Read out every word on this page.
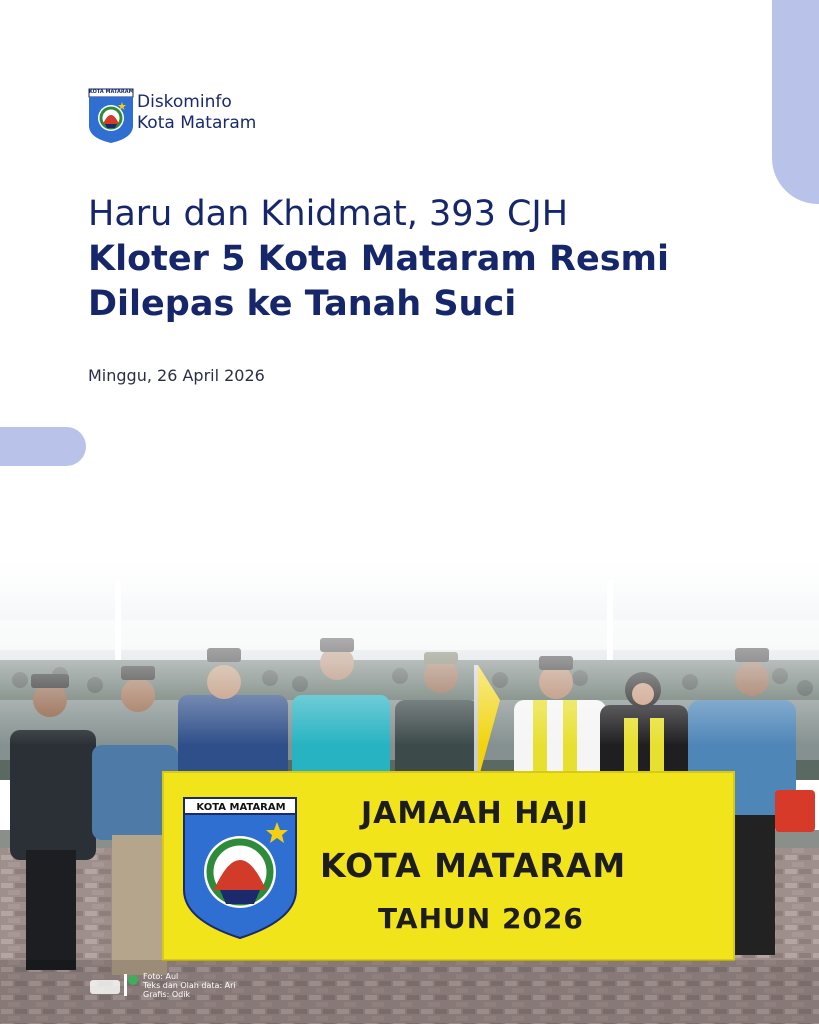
KOTA MATARAM Diskominfo
Kota Mataram
Haru dan Khidmat, 393 CJH
Kloter 5 Kota Mataram Resmi
Dilepas ke Tanah Suci
Minggu, 26 April 2026
KOTA MATARAM	JAMAAH HAJI
KOTA MATARAM
TAHUN 2026
Foto: Aul
Teks dan Olah data: Ari
Grafis: Odik
